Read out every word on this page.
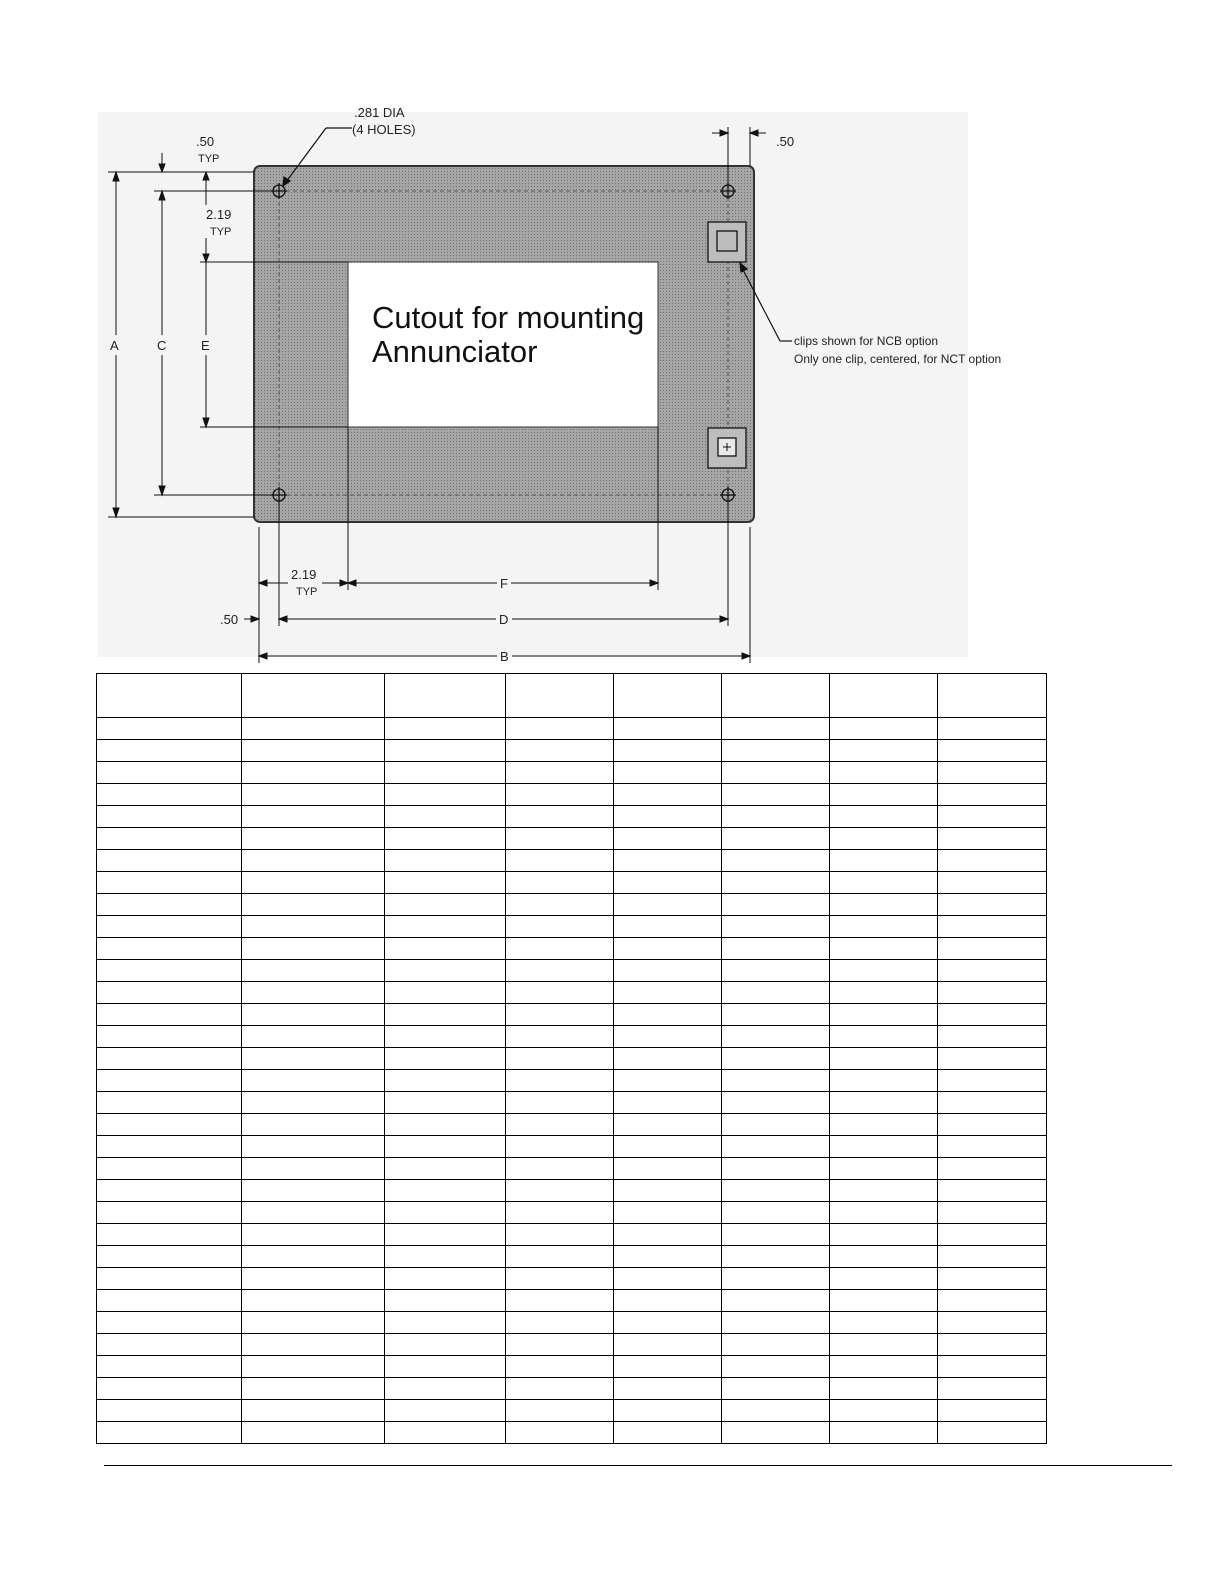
Cutout for mounting
Annunciator
.281 DIA
(4 HOLES)
.50
TYP
2.19
TYP
.50
clips shown for NCB option
Only one clip, centered, for NCT option
A	C	E
2.19
TYP
F
.50	D
B
